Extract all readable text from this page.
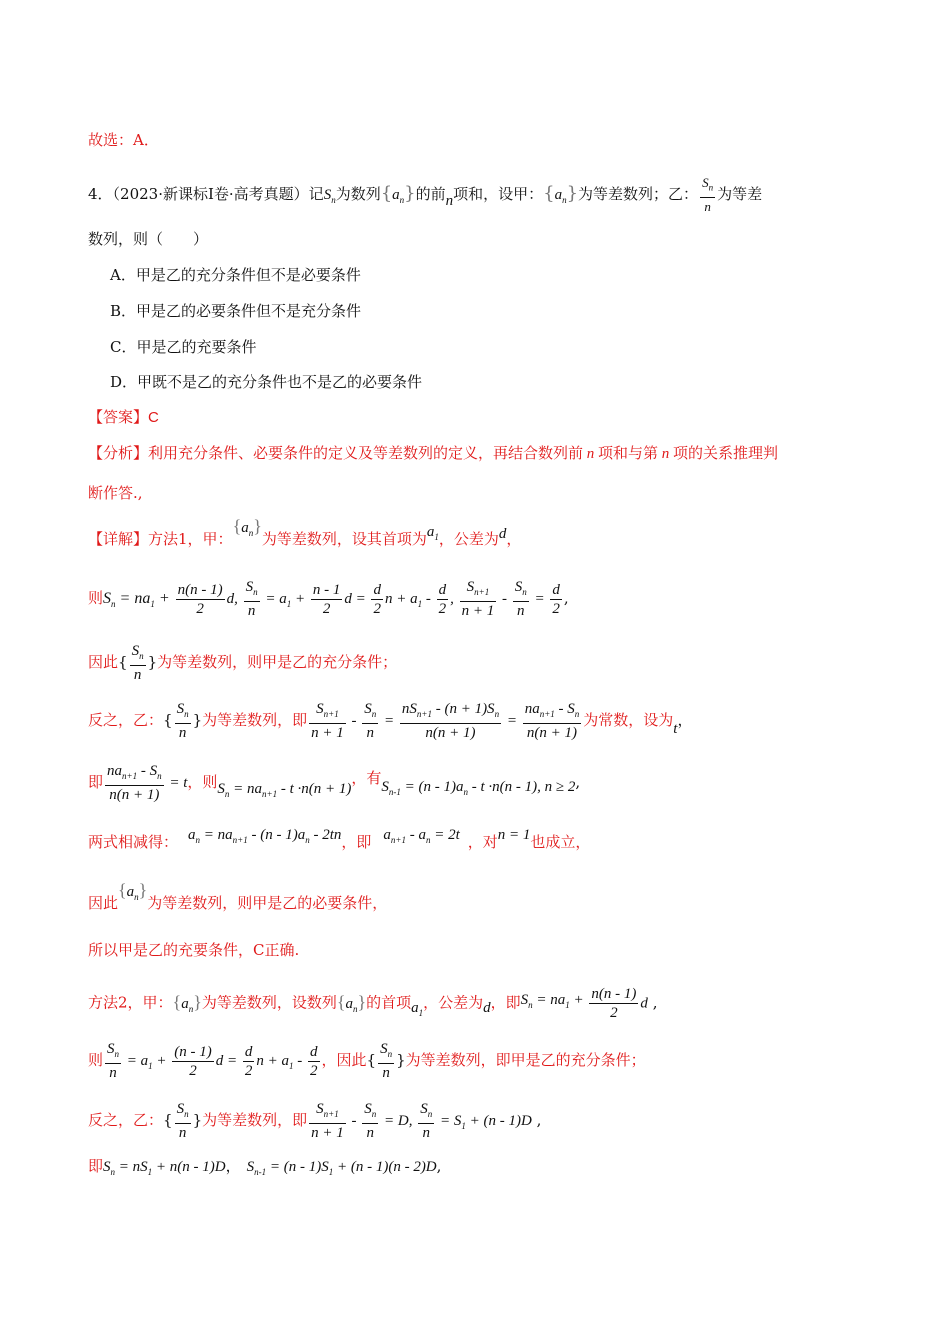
故选：A．
4．（2023·新课标Ⅰ卷·高考真题）记$S_n$为数列$\{a_n\}$的前n项和，设甲：$\{a_n\}$为等差数列；乙： $\frac{S_n}{n}$ 为等差
数列，则（　　）
A．甲是乙的充分条件但不是必要条件
B．甲是乙的必要条件但不是充分条件
C．甲是乙的充要条件
D．甲既不是乙的充分条件也不是乙的必要条件
【答案】C
【分析】利用充分条件、必要条件的定义及等差数列的定义，再结合数列前 n 项和与第 n 项的关系推理判
断作答.,
【详解】方法1，甲：$\{a_n\}$为等差数列，设其首项为$a_1$，公差为d，
则$S_n = na_1 + \frac{n(n - 1)}{2} d$, $\frac{S_n}{n} = a_1 + \frac{n - 1}{2}$ $d = \frac{d}{2}$ $n + a_1 - \frac{d}{2}$ , $\frac{S_{n+1}}{n + 1} - \frac{S_n}{n} = \frac{d}{2}$ ,
因此{ $\frac{S_n}{n}$ }为等差数列，则甲是乙的充分条件；
反之，乙：{ $\frac{S_n}{n}$ }为等差数列，即 $\frac{S_{n+1}}{n + 1} - \frac{S_n}{n} = \frac{nS_{n+1} - (n + 1)S_n}{n(n + 1)} = \frac{na_{n+1} - S_n}{n(n + 1)}$ 为常数，设为t，
即 $\frac{na_{n+1} - S_n}{n(n + 1)} = t$，则$S_n = na_{n+1} - t \cdot n(n + 1)$，有$S_{n-1} = (n - 1)a_n - t \cdot n(n - 1)$, n ≥ 2,
两式相减得： $a_n = na_{n+1} - (n - 1)a_n - 2tn$，即 $a_{n+1} - a_n = 2t$ ，对n = 1也成立，
因此$\{a_n\}$为等差数列，则甲是乙的必要条件，
所以甲是乙的充要条件，C正确.
方法2，甲：$\{a_n\}$为等差数列，设数列$\{a_n\}$的首项$a_1$，公差为d，即$S_n = na_1 + \frac{n(n - 1)}{2}$ d ,
则 $\frac{S_n}{n} = a_1 + \frac{(n - 1)}{2}$ $d = \frac{d}{2}$ $n + a_1 - \frac{d}{2}$ ，因此{ $\frac{S_n}{n}$ }为等差数列，即甲是乙的充分条件；
反之，乙：{ $\frac{S_n}{n}$ }为等差数列，即 $\frac{S_{n+1}}{n + 1} - \frac{S_n}{n} = D$, $\frac{S_n}{n} = S_1 + (n - 1)D$ ,
即$S_n = nS_1 + n(n - 1)D$， $S_{n-1} = (n - 1)S_1 + (n - 1)(n - 2)D$,
